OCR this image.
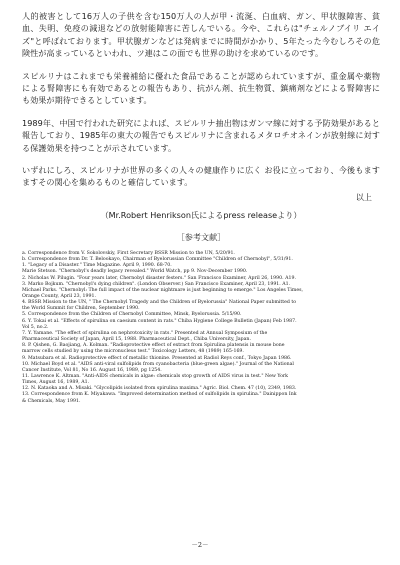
人的被害として16万人の子供を含む150万人の人が甲・流涎、白血病、ガン、甲状腺障害、貧血、失明、免疫の減退などの放射能障害に苦しんでいる。今や、これらは"チェルノブイリ エイズ"と呼ばれております。甲状腺ガンなどは発病までに時間がかかり、5年たった今むしろその危険性が高まっているといわれ、ツ連はこの面でも世界の助けを求めているのです。

スピルリナはこれまでも栄養補給に優れた食品であることが認められていますが、重金属や薬物による腎障害にも有効であるとの報告もあり、抗がん剤、抗生物質、鎮痛剤などによる腎障害にも効果が期待できるとしています。

1989年、中国で行われた研究によれば、スピルリナ抽出物はガンマ線に対する予防効果があると報告しており、1985年の東大の報告でもスピルリナに含まれるメタロチオネインが放射線に対する保護効果を持つことが示されています。

いずれにしろ、スピルリナが世界の多くの人々の健康作りに広く お役に立っており、今後もますますその関心を集めるものと確信しています。

以上
（Mr.Robert Henrikson氏によるpress releaseより）
［参考文献］
a. Correspondence from V. Sokolovskiy, First Secretary BSSR Mission to the UN, 5/20/91.
b. Correspondence from Dr. T. Belookayo, Chairman of Byelorussian Committee "Children of Chernobyl", 5/31/91.
1. "Legacy of a Disaster." Time Magazine. April 9, 1990. 68-70.
Marie Stetson. "Chernobyl's deadly legacy revealed." World Watch, pp 9. Nov-December 1990.
2. Nicholas W. Pilugin. "Four years later, Chernobyl disaster festers." San Francisco Examiner, April 26, 1990. A19.
3. Marko Bojkum. "Chernobyl's dying children". (London Observer.) San Francisco Examiner, April 23, 1991. A1.
Michael Parks. "Chernobyl: The full impact of the nuclear nightmare is just beginning to emerge." Los Angeles Times,
Orange County, April 23, 1991.
4. BSSR Mission to the UN, " The Chernobyl Tragedy and the Children of Byelorussia" National Paper submitted to
the World Summit for Children, September 1990.
5. Correspondence from the Children of Chernobyl Committee, Minsk, Byelorussia. 5/15/90.
6. Y. Tokai et al. "Effects of spirulina on caesium content in rats." Chiba Hygiene College Bulletin (Japan) Feb 1987.
Vol 5, no.2.
7. Y. Yamane. "The effect of spirulina on nephrotoxicity in rats." Presented at Annual Symposium of the
Pharmaceutical Society of Japan, April 15, 1988. Pharmaceutical Dept., Chiba University, Japan.
8. P. Qishen, G. Baojiang, A. Kolman. "Radioprotective effect of extract from Spirulina platensis in mouse bone
marrow cells studied by using the micronucleus test." Toxicology Letters, 48 (1989) 165-169.
9. Matsubara et al. Radioprotective effect of metallic thionine. Presented at Radiol Reys conf., Tokyo Japan 1986.
10. Michael Boyd et al. "AIDS anti-viral sulfolipids from cyanobacteria (blue-green algae)." Journal of the National
Cancer Institute, Vol 81, No 16. August 16, 1989, pg 1254.
11. Lawrence K. Altman. "Anti-AIDS chemicals in algae: chemicals stop growth of AIDS virus in test." New York
Times, August 16, 1989, A1.
12. N. Kataoka and A. Misaki. "Glycolipids isolated from spirulina maxima." Agric. Biol. Chem. 47 (10), 2349, 1983.
13. Correspondence from K. Miyakawa. "Improved determination method of sulfolipids in spirulina." Dainippon Ink
& Chemicals, May 1991.
－2－
